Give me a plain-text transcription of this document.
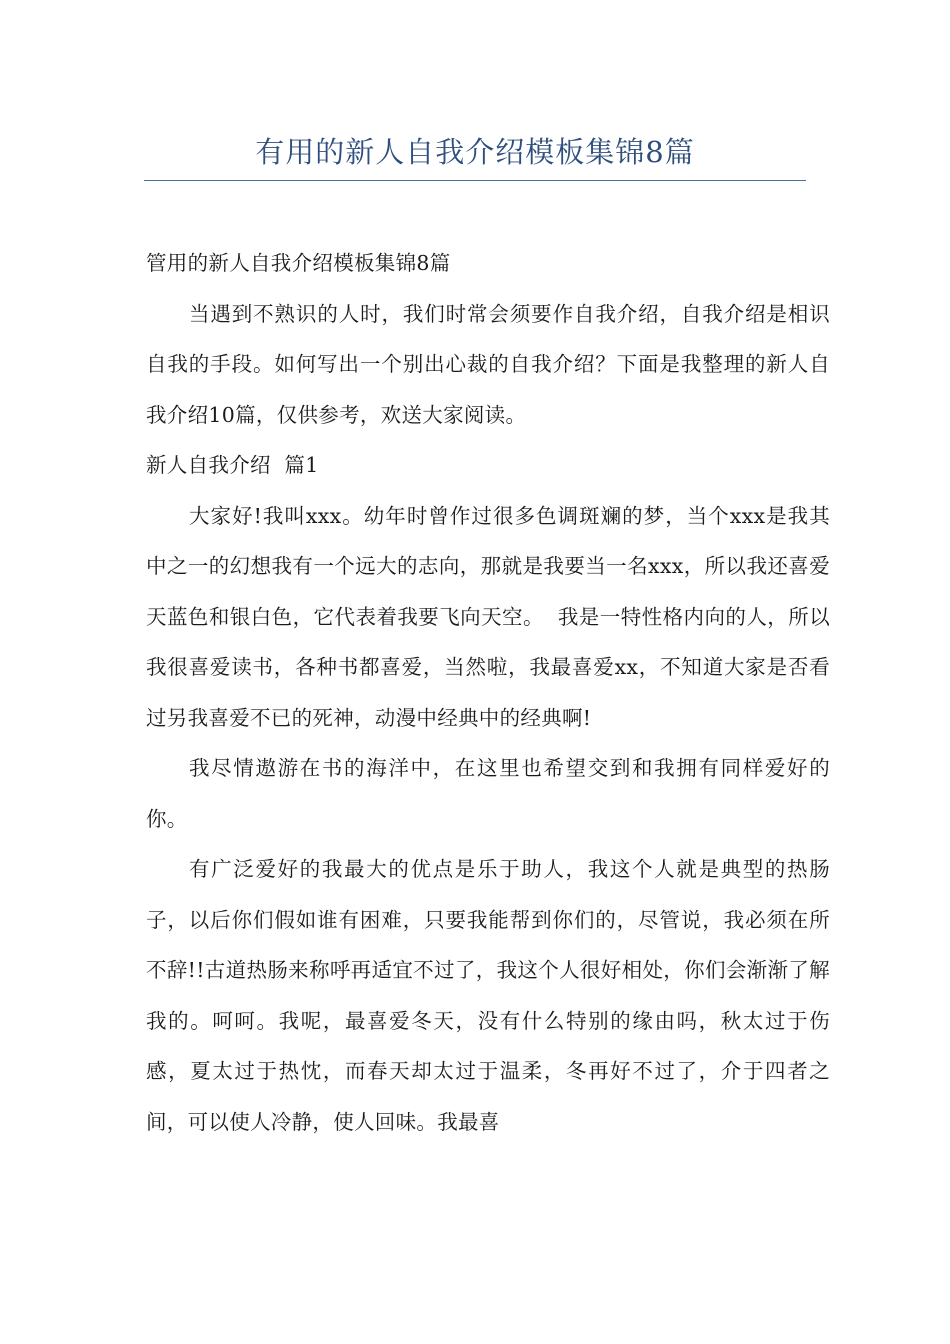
有用的新人自我介绍模板集锦8篇

管用的新人自我介绍模板集锦8篇

当遇到不熟识的人时，我们时常会须要作自我介绍，自我介绍是相识自我的手段。如何写出一个别出心裁的自我介绍？下面是我整理的新人自我介绍10篇，仅供参考，欢送大家阅读。

新人自我介绍  篇1

大家好!我叫xxx。幼年时曾作过很多色调斑斓的梦，当个xxx是我其中之一的幻想我有一个远大的志向，那就是我要当一名xxx，所以我还喜爱天蓝色和银白色，它代表着我要飞向天空。  我是一特性格内向的人，所以我很喜爱读书，各种书都喜爱，当然啦，我最喜爱xx，不知道大家是否看过另我喜爱不已的死神，动漫中经典中的经典啊!

我尽情遨游在书的海洋中，在这里也希望交到和我拥有同样爱好的你。

有广泛爱好的我最大的优点是乐于助人，我这个人就是典型的热肠子，以后你们假如谁有困难，只要我能帮到你们的，尽管说，我必须在所不辞!!古道热肠来称呼再适宜不过了，我这个人很好相处，你们会渐渐了解我的。呵呵。我呢，最喜爱冬天，没有什么特别的缘由吗，秋太过于伤感，夏太过于热忱，而春天却太过于温柔，冬再好不过了，介于四者之间，可以使人冷静，使人回味。我最喜
